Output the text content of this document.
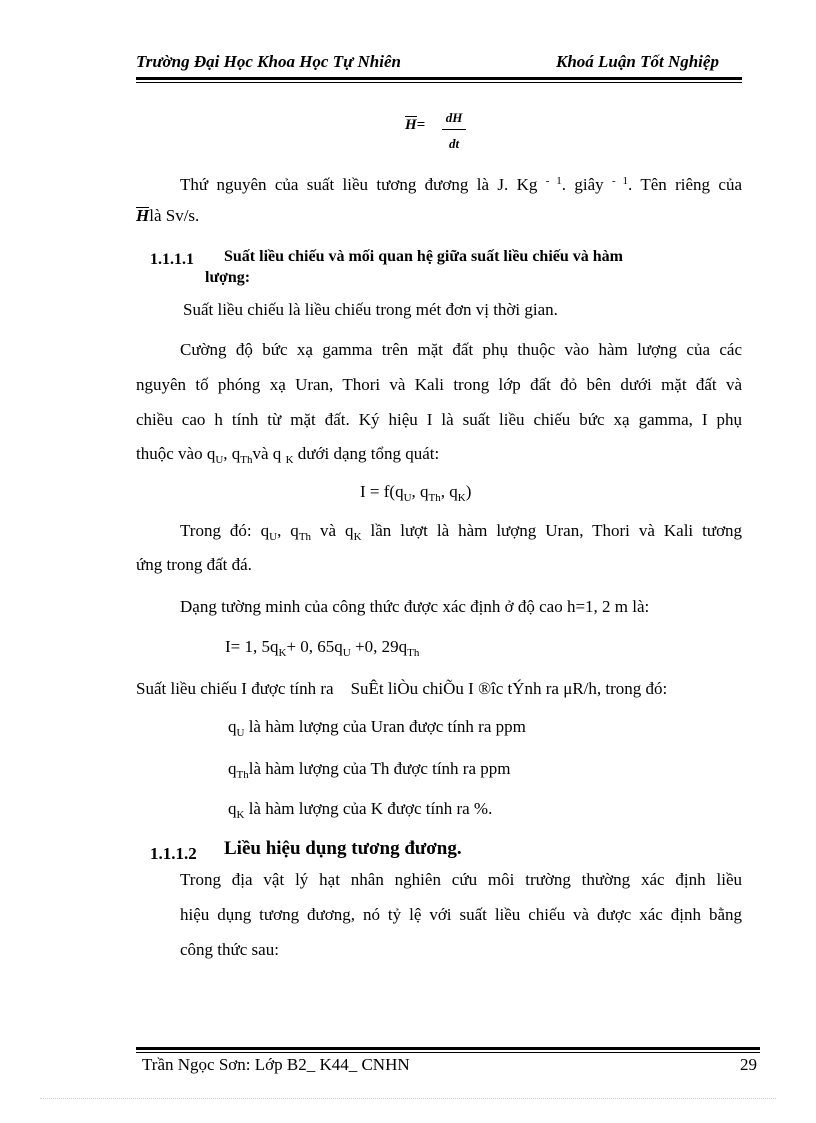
Trường Đại Học Khoa Học Tự Nhiên	Khoá Luận Tốt Nghiệp
$H= \frac{dH}{dt}$
Thứ nguyên của suất liều tương đương là J. Kg $^{- 1}$. giây $^{- 1}$. Tên riêng của
Hlà Sv/s.
1.1.1.1 Suất liều chiếu và mối quan hệ giữa suất liều chiếu và hàm
lượng:
Suất liều chiếu là liều chiếu trong mét đơn vị thời gian.
Cường độ bức xạ gamma trên mặt đất phụ thuộc vào hàm lượng của các
nguyên tố phóng xạ Uran, Thori và Kali trong lớp đất đỏ bên dưới mặt đất và
chiều cao h tính từ mặt đất. Ký hiệu I là suất liều chiếu bức xạ gamma, I phụ
thuộc vào $q_U$, $q_{Th}và$ q $_K$ dưới dạng tổng quát:
$I = f(q_U$, $q_{Th}$, $q_K$)
Trong đó: $q_U$, $q_{Th}$ và $q_K$ lần lượt là hàm lượng Uran, Thori và Kali tương
ứng trong đất đá.
Dạng tường minh của công thức được xác định ở độ cao h=1, 2 m là:
I= 1, $5q_K+ 0$, $65q_U +0$, $29q_{Th}$
Suất liều chiếu I được tính ra    SuÊt liÒu chiÕu I ®îc tÝnh ra μR/h, trong đó:
$q_U$ là hàm lượng của Uran được tính ra ppm
$q_{Th}là$ hàm lượng của Th được tính ra ppm
$q_K$ là hàm lượng của K được tính ra %.
1.1.1.2 Liều hiệu dụng tương đương.
Trong địa vật lý hạt nhân nghiên cứu môi trường thường xác định liều
hiệu dụng tương đương, nó tỷ lệ với suất liều chiếu và được xác định bằng
công thức sau:
Trần Ngọc Sơn: Lớp B2_ K44_ CNHN	29
